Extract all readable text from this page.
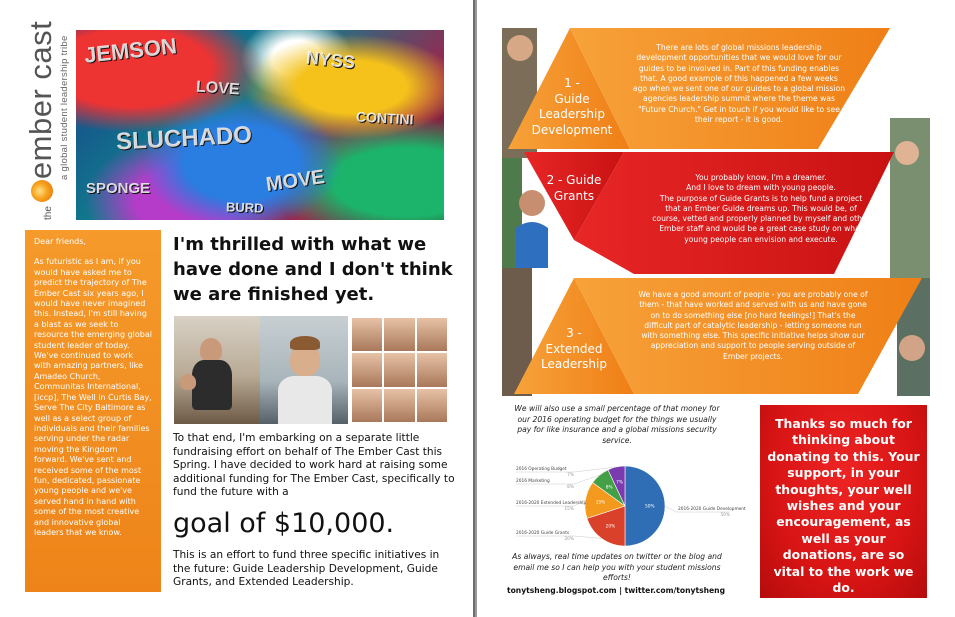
the
ember cast a global student leadership tribe JEMSON
LOVE
SLUCHADO
NYSS
SPONGE	MOVE
CONTINI
BURD

Dear friends,

As futuristic as I am, if you would have asked me to predict the trajectory of The Ember Cast six years ago, I would have never imagined this. Instead, I'm still having a blast as we seek to resource the emerging global student leader of today. We've continued to work with amazing partners, like Amadeo Church, Communitas International, [iccp], The Well in Curtis Bay, Serve The City Baltimore as well as a select group of individuals and their families serving under the radar moving the Kingdom forward. We've sent and received some of the most fun, dedicated, passionate young people and we've served hand in hand with some of the most creative and innovative global leaders that we know.

I'm thrilled with what we have done and I don't think we are finished yet.
To that end, I'm embarking on a separate little fundraising effort on behalf of The Ember Cast this Spring. I have decided to work hard at raising some additional funding for The Ember Cast, specifically to fund the future with a
goal of $10,000.
This is an effort to fund three specific initiatives in the future: Guide Leadership Development, Guide Grants, and Extended Leadership.
1 -
Guide
Leadership
Development
There are lots of global missions leadership development opportunities that we would love for our guides to be involved in. Part of this funding enables that. A good example of this happened a few weeks ago when we sent one of our guides to a global mission agencies leadership summit where the theme was "Future Church." Get in touch if you would like to see their report - it is good.
2 - Guide
Grants
You probably know, I'm a dreamer.
And I love to dream with young people.
The purpose of Guide Grants is to help fund a project that an Ember Guide dreams up. This would be, of course, vetted and properly planned by myself and other Ember staff and would be a great case study on what young people can envision and execute.
3 -
Extended
Leadership
We have a good amount of people - you are probably one of them - that have worked and served with us and have gone on to do something else [no hard feelings!] That's the difficult part of catalytic leadership - letting someone run with something else. This specific initiative helps show our appreciation and support to people serving outside of Ember projects.
We will also use a small percentage of that money for our 2016 operating budget for the things we usually pay for like insurance and a global missions security service.
50%
20%
15%
8%
7%
2016-2020 Guide Development
50%
2016-2020 Guide Grants
20%
2016-2020 Extended Leadership
15%
2016 Marketing
8%
2016 Operating Budget
7%
As always, real time updates on twitter or the blog and email me so I can help you with your student missions efforts!
tonytsheng.blogspot.com | twitter.com/tonytsheng
Thanks so much for thinking about donating to this. Your support, in your thoughts, your well wishes and your encouragement, as well as your donations, are so vital to the work we do.
